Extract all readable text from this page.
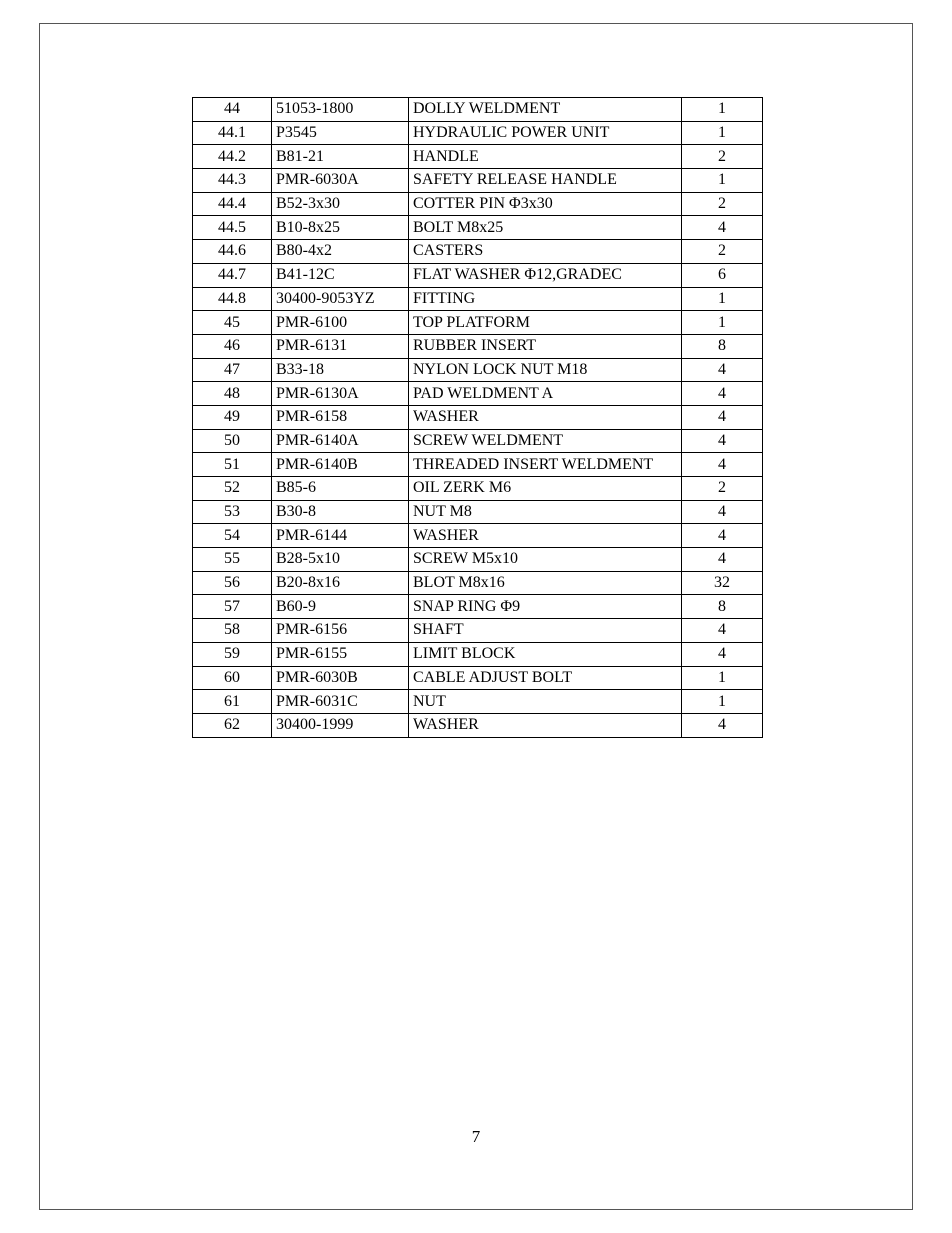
44	51053-1800	DOLLY WELDMENT	1
44.1	P3545	HYDRAULIC POWER UNIT	1
44.2	B81-21	HANDLE	2
44.3	PMR-6030A	SAFETY RELEASE HANDLE	1
44.4	B52-3x30	COTTER PIN Φ3x30	2
44.5	B10-8x25	BOLT M8x25	4
44.6	B80-4x2	CASTERS	2
44.7	B41-12C	FLAT WASHER Φ12,GRADEC	6
44.8	30400-9053YZ	FITTING	1
45	PMR-6100	TOP PLATFORM	1
46	PMR-6131	RUBBER INSERT	8
47	B33-18	NYLON LOCK NUT M18	4
48	PMR-6130A	PAD WELDMENT A	4
49	PMR-6158	WASHER	4
50	PMR-6140A	SCREW WELDMENT	4
51	PMR-6140B	THREADED INSERT WELDMENT	4
52	B85-6	OIL ZERK M6	2
53	B30-8	NUT M8	4
54	PMR-6144	WASHER	4
55	B28-5x10	SCREW M5x10	4
56	B20-8x16	BLOT M8x16	32
57	B60-9	SNAP RING Φ9	8
58	PMR-6156	SHAFT	4
59	PMR-6155	LIMIT BLOCK	4
60	PMR-6030B	CABLE ADJUST BOLT	1
61	PMR-6031C	NUT	1
62	30400-1999	WASHER	4
7
